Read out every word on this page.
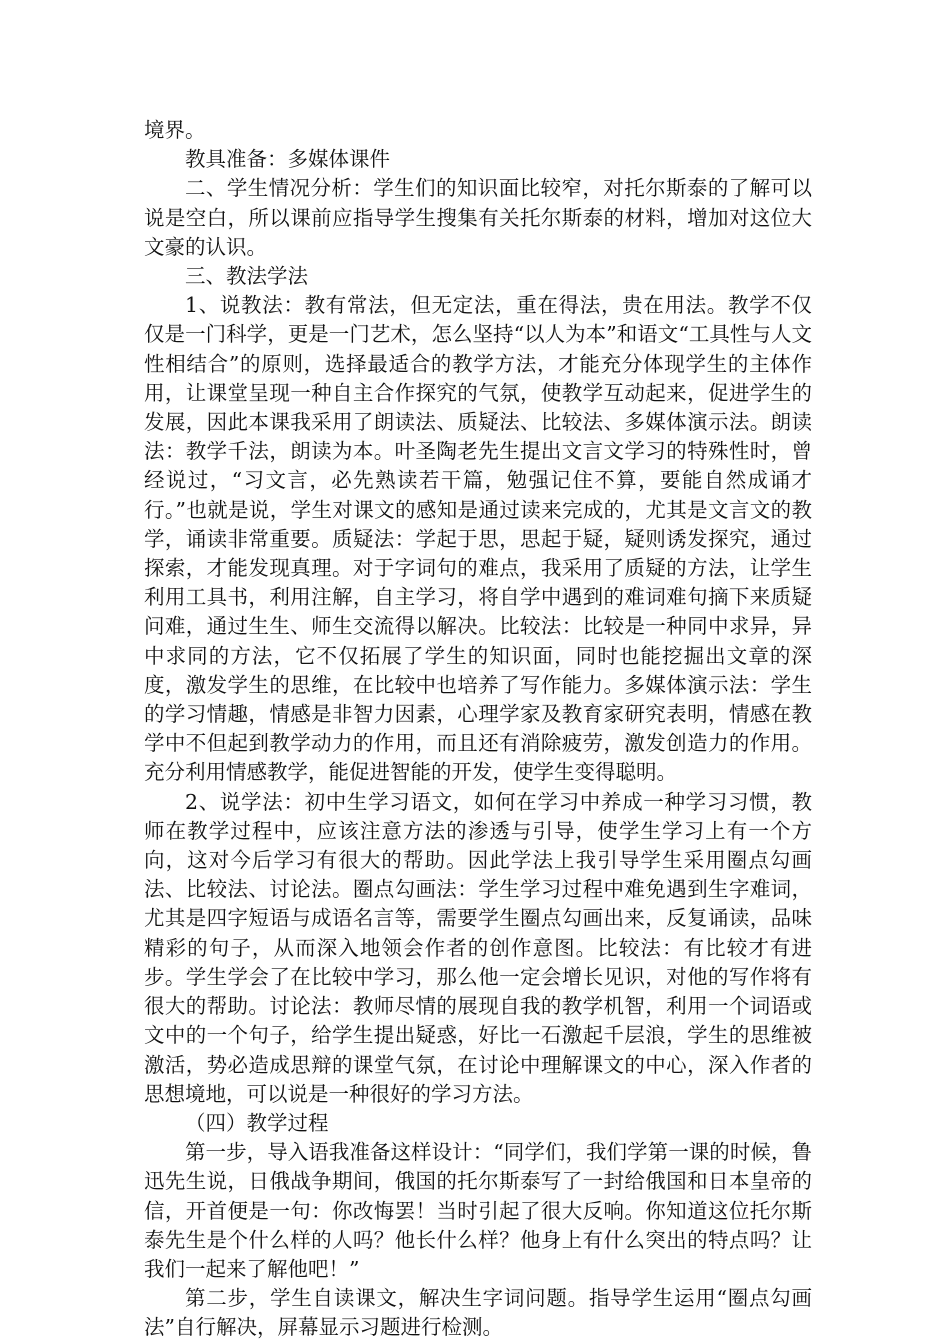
境界。

教具准备：多媒体课件

二、学生情况分析：学生们的知识面比较窄，对托尔斯泰的了解可以说是空白，所以课前应指导学生搜集有关托尔斯泰的材料，增加对这位大文豪的认识。

三、教法学法

1、说教法：教有常法，但无定法，重在得法，贵在用法。教学不仅仅是一门科学，更是一门艺术，怎么坚持“以人为本”和语文“工具性与人文性相结合”的原则，选择最适合的教学方法，才能充分体现学生的主体作用，让课堂呈现一种自主合作探究的气氛，使教学互动起来，促进学生的发展，因此本课我采用了朗读法、质疑法、比较法、多媒体演示法。朗读法：教学千法，朗读为本。叶圣陶老先生提出文言文学习的特殊性时，曾经说过，“习文言，必先熟读若干篇，勉强记住不算，要能自然成诵才行。”也就是说，学生对课文的感知是通过读来完成的，尤其是文言文的教学，诵读非常重要。质疑法：学起于思，思起于疑，疑则诱发探究，通过探索，才能发现真理。对于字词句的难点，我采用了质疑的方法，让学生利用工具书，利用注解，自主学习，将自学中遇到的难词难句摘下来质疑问难，通过生生、师生交流得以解决。比较法：比较是一种同中求异，异中求同的方法，它不仅拓展了学生的知识面，同时也能挖掘出文章的深度，激发学生的思维，在比较中也培养了写作能力。多媒体演示法：学生的学习情趣，情感是非智力因素，心理学家及教育家研究表明，情感在教学中不但起到教学动力的作用，而且还有消除疲劳，激发创造力的作用。充分利用情感教学，能促进智能的开发，使学生变得聪明。

2、说学法：初中生学习语文，如何在学习中养成一种学习习惯，教师在教学过程中，应该注意方法的渗透与引导，使学生学习上有一个方向，这对今后学习有很大的帮助。因此学法上我引导学生采用圈点勾画法、比较法、讨论法。圈点勾画法：学生学习过程中难免遇到生字难词，尤其是四字短语与成语名言等，需要学生圈点勾画出来，反复诵读，品味精彩的句子，从而深入地领会作者的创作意图。比较法：有比较才有进步。学生学会了在比较中学习，那么他一定会增长见识，对他的写作将有很大的帮助。讨论法：教师尽情的展现自我的教学机智，利用一个词语或文中的一个句子，给学生提出疑惑，好比一石激起千层浪，学生的思维被激活，势必造成思辩的课堂气氛，在讨论中理解课文的中心，深入作者的思想境地，可以说是一种很好的学习方法。

（四）教学过程

第一步，导入语我准备这样设计：“同学们，我们学第一课的时候，鲁迅先生说，日俄战争期间，俄国的托尔斯泰写了一封给俄国和日本皇帝的信，开首便是一句：你改悔罢！当时引起了很大反响。你知道这位托尔斯泰先生是个什么样的人吗？他长什么样？他身上有什么突出的特点吗？让我们一起来了解他吧！”

第二步，学生自读课文，解决生字词问题。指导学生运用“圈点勾画法”自行解决，屏幕显示习题进行检测。
